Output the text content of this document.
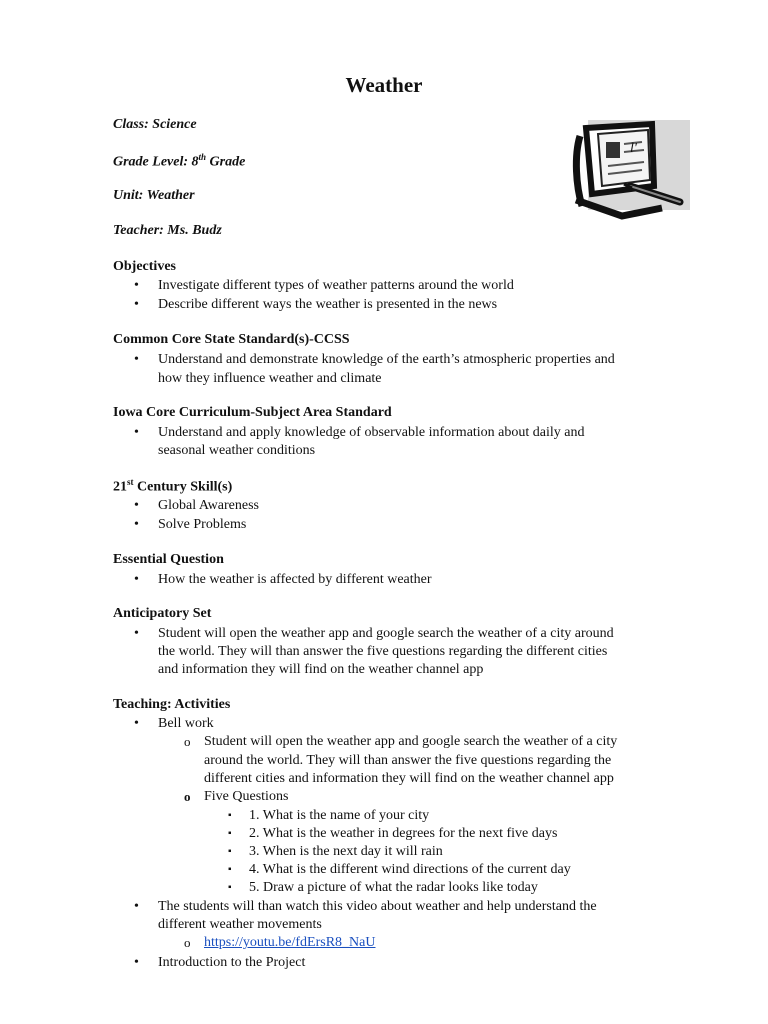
Weather
Class: Science
Grade Level: 8th Grade
Unit: Weather
Teacher: Ms. Budz
l'
Objectives
• Investigate different types of weather patterns around the world
• Describe different ways the weather is presented in the news
Common Core State Standard(s)-CCSS
• Understand and demonstrate knowledge of the earth’s atmospheric properties and
how they influence weather and climate
Iowa Core Curriculum-Subject Area Standard
• Understand and apply knowledge of observable information about daily and
seasonal weather conditions
21st Century Skill(s)
• Global Awareness
• Solve Problems
Essential Question
• How the weather is affected by different weather
Anticipatory Set
• Student will open the weather app and google search the weather of a city around
the world. They will than answer the five questions regarding the different cities
and information they will find on the weather channel app
Teaching: Activities
• Bell work
o Student will open the weather app and google search the weather of a city
around the world. They will than answer the five questions regarding the
different cities and information they will find on the weather channel app
o Five Questions
▪ 1. What is the name of your city
▪ 2. What is the weather in degrees for the next five days
▪ 3. When is the next day it will rain
▪ 4. What is the different wind directions of the current day
▪ 5. Draw a picture of what the radar looks like today
• The students will than watch this video about weather and help understand the
different weather movements
o https://youtu.be/fdErsR8_NaU
• Introduction to the Project
